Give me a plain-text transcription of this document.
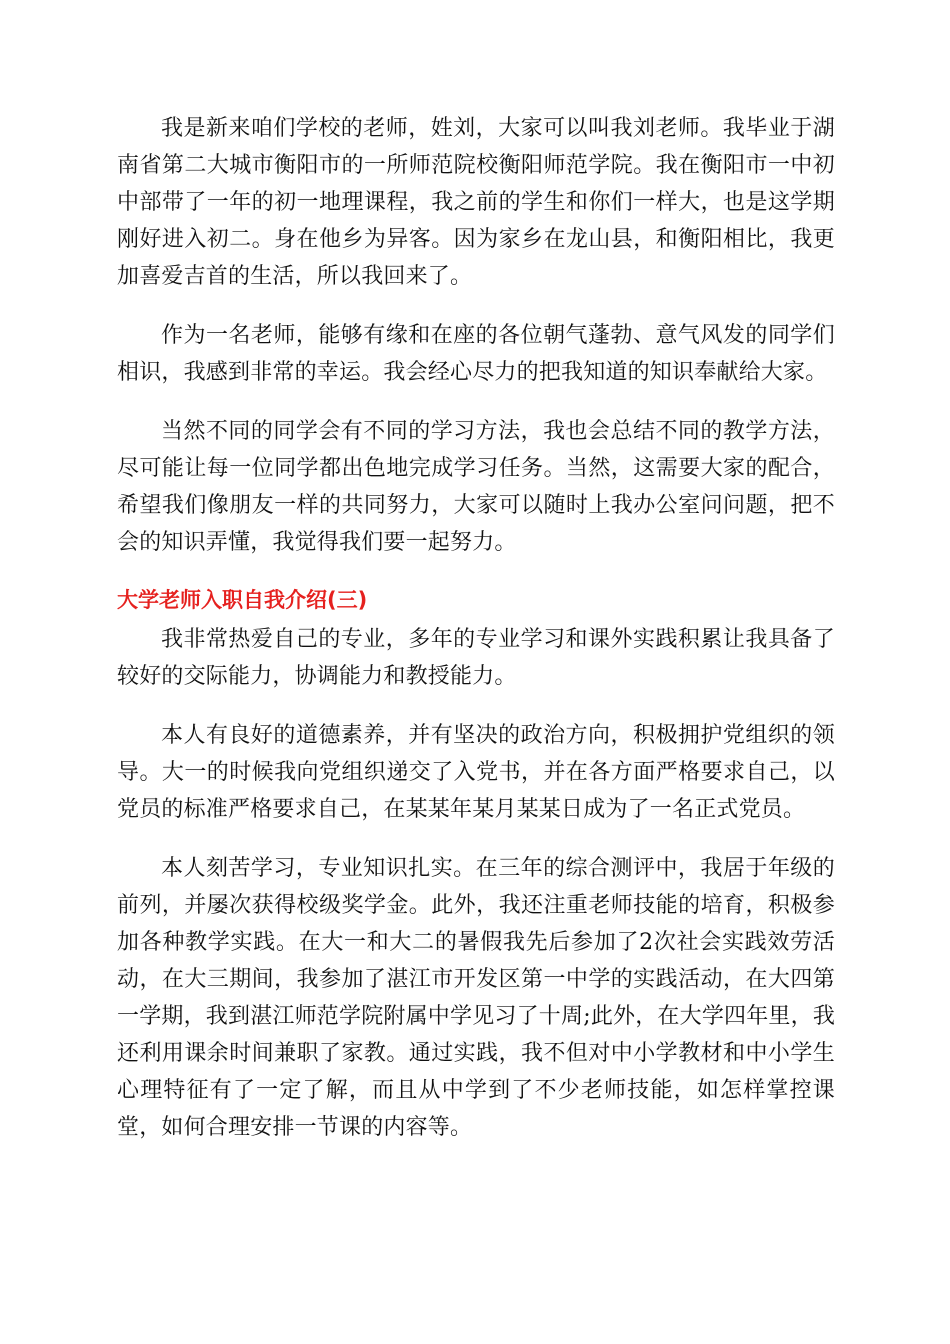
我是新来咱们学校的老师，姓刘，大家可以叫我刘老师。我毕业于湖南省第二大城市衡阳市的一所师范院校衡阳师范学院。我在衡阳市一中初中部带了一年的初一地理课程，我之前的学生和你们一样大，也是这学期刚好进入初二。身在他乡为异客。因为家乡在龙山县，和衡阳相比，我更加喜爱吉首的生活，所以我回来了。

作为一名老师，能够有缘和在座的各位朝气蓬勃、意气风发的同学们相识，我感到非常的幸运。我会经心尽力的把我知道的知识奉献给大家。

当然不同的同学会有不同的学习方法，我也会总结不同的教学方法，尽可能让每一位同学都出色地完成学习任务。当然，这需要大家的配合，希望我们像朋友一样的共同努力，大家可以随时上我办公室问问题，把不会的知识弄懂，我觉得我们要一起努力。

大学老师入职自我介绍(三)

我非常热爱自己的专业，多年的专业学习和课外实践积累让我具备了较好的交际能力，协调能力和教授能力。

本人有良好的道德素养，并有坚决的政治方向，积极拥护党组织的领导。大一的时候我向党组织递交了入党书，并在各方面严格要求自己，以党员的标准严格要求自己，在某某年某月某某日成为了一名正式党员。

本人刻苦学习，专业知识扎实。在三年的综合测评中，我居于年级的前列，并屡次获得校级奖学金。此外，我还注重老师技能的培育，积极参加各种教学实践。在大一和大二的暑假我先后参加了2次社会实践效劳活动，在大三期间，我参加了湛江市开发区第一中学的实践活动，在大四第一学期，我到湛江师范学院附属中学见习了十周;此外，在大学四年里，我还利用课余时间兼职了家教。通过实践，我不但对中小学教材和中小学生心理特征有了一定了解，而且从中学到了不少老师技能，如怎样掌控课堂，如何合理安排一节课的内容等。
